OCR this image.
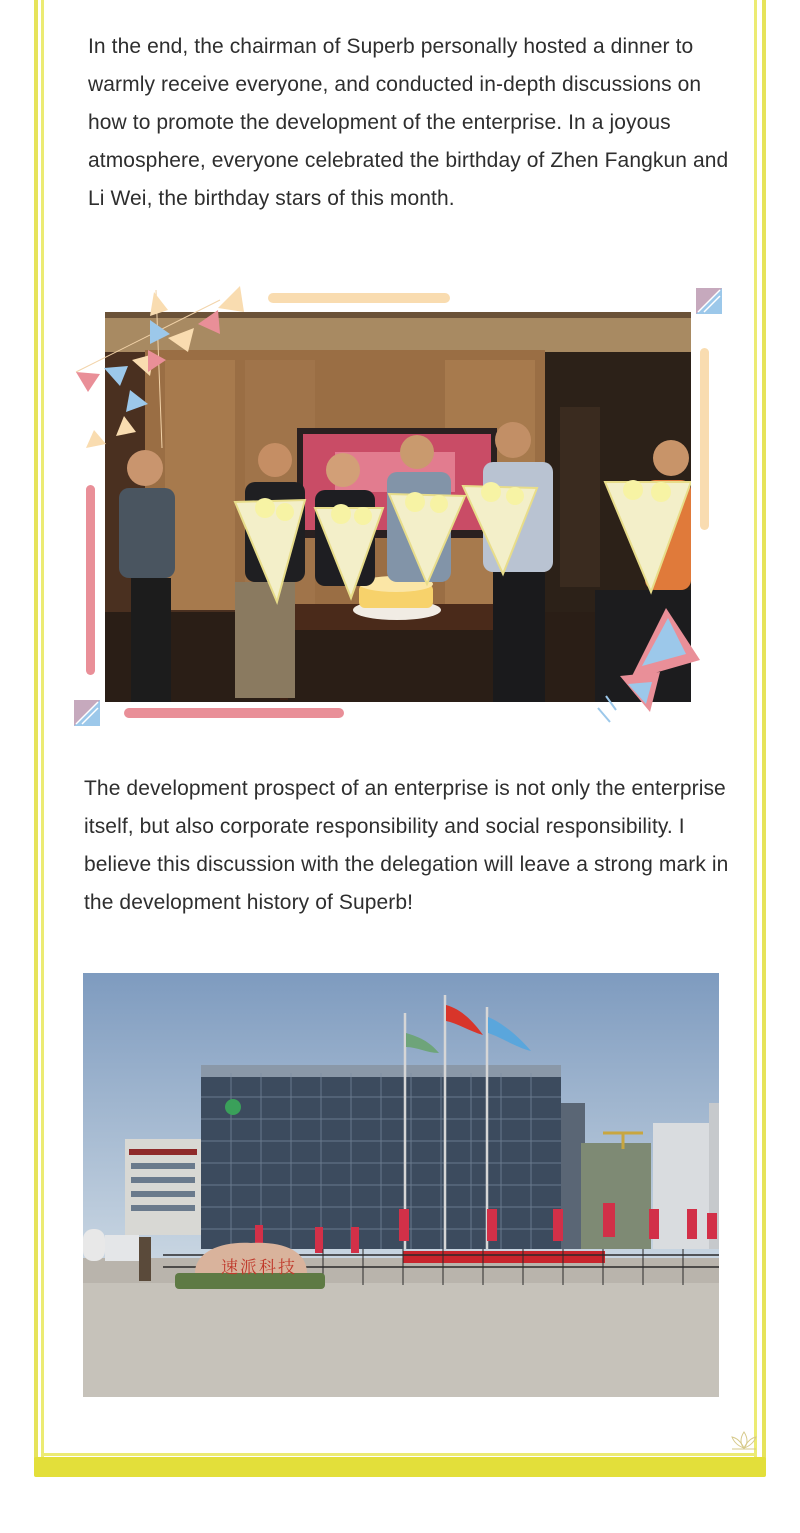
In the end, the chairman of Superb personally hosted a dinner to warmly receive everyone, and conducted in-depth discussions on how to promote the development of the enterprise. In a joyous atmosphere, everyone celebrated the birthday of Zhen Fangkun and Li Wei, the birthday stars of this month.

The development prospect of an enterprise is not only the enterprise itself, but also corporate responsibility and social responsibility. I believe this discussion with the delegation will leave a strong mark in the development history of Superb!

速派科技
